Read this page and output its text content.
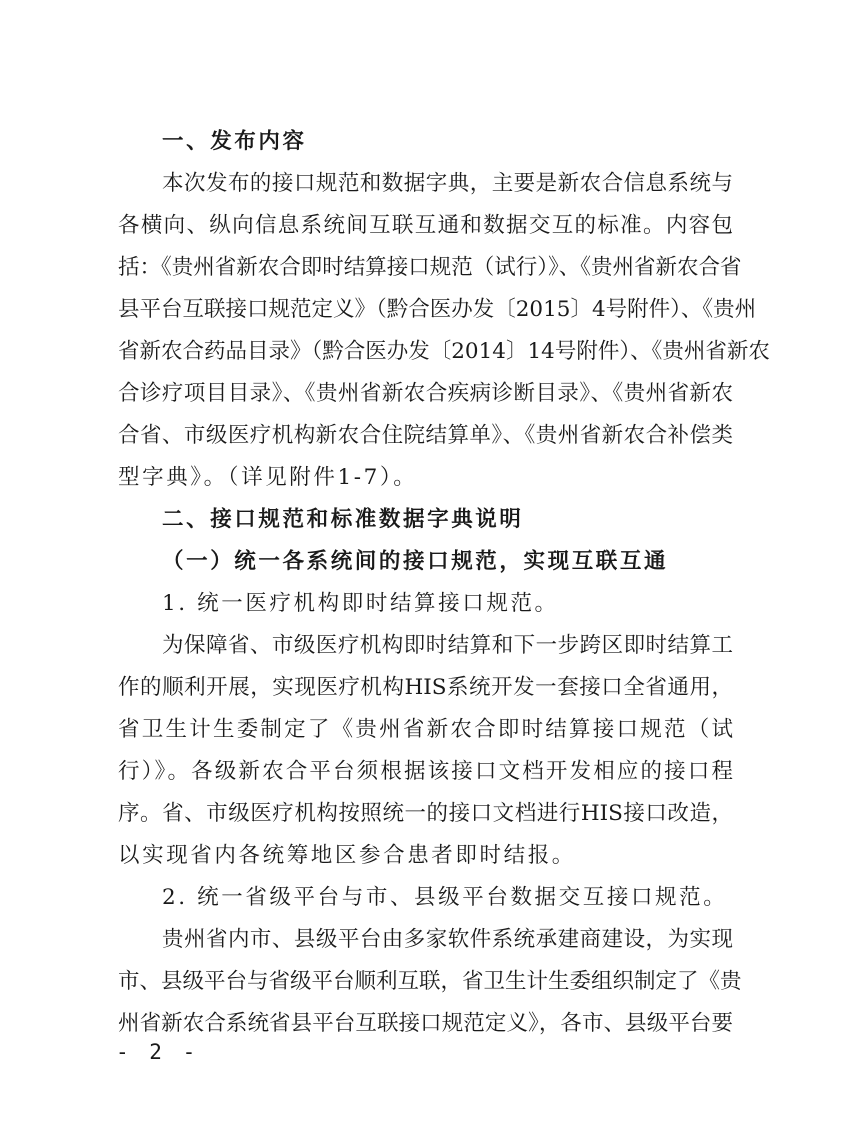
一、发布内容
本次发布的接口规范和数据字典，主要是新农合信息系统与
各横向、纵向信息系统间互联互通和数据交互的标准。内容包
括：《贵州省新农合即时结算接口规范（试行）》、《贵州省新农合省
县平台互联接口规范定义》（黔合医办发〔2015〕4号附件）、《贵州
省新农合药品目录》（黔合医办发〔2014〕14号附件）、《贵州省新农
合诊疗项目目录》、《贵州省新农合疾病诊断目录》、《贵州省新农
合省、市级医疗机构新农合住院结算单》、《贵州省新农合补偿类
型字典》。（详见附件1-7）。
二、接口规范和标准数据字典说明
（一）统一各系统间的接口规范，实现互联互通
1. 统一医疗机构即时结算接口规范。
为保障省、市级医疗机构即时结算和下一步跨区即时结算工
作的顺利开展，实现医疗机构HIS系统开发一套接口全省通用，
省卫生计生委制定了《贵州省新农合即时结算接口规范（试
行）》。各级新农合平台须根据该接口文档开发相应的接口程
序。省、市级医疗机构按照统一的接口文档进行HIS接口改造，
以实现省内各统筹地区参合患者即时结报。
2. 统一省级平台与市、县级平台数据交互接口规范。
贵州省内市、县级平台由多家软件系统承建商建设，为实现
市、县级平台与省级平台顺利互联，省卫生计生委组织制定了《贵
州省新农合系统省县平台互联接口规范定义》，各市、县级平台要
- 2 -
